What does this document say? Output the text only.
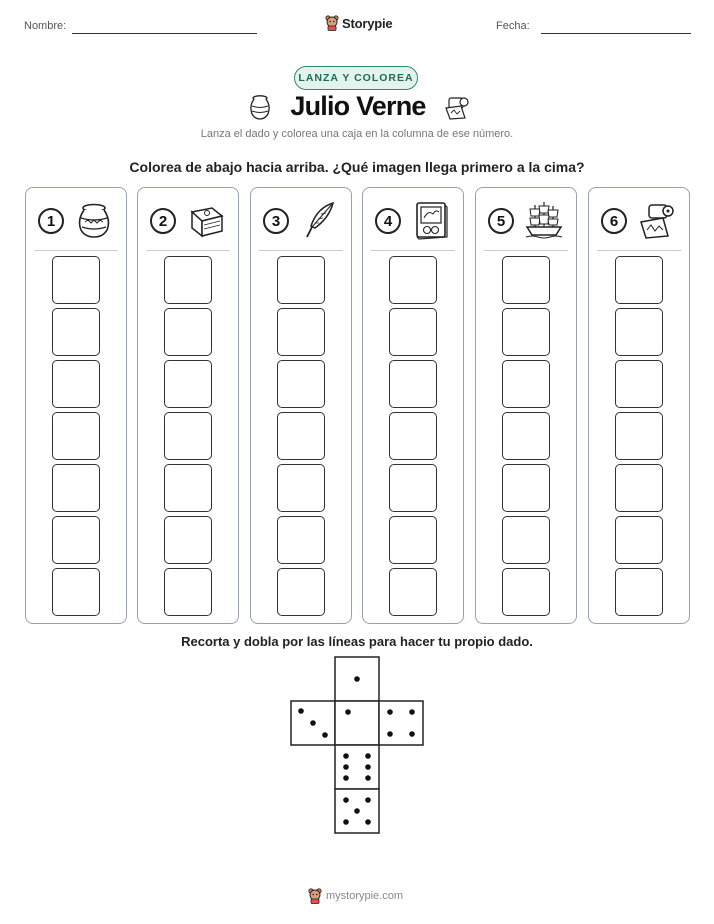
Nombre:	Storypie	Fecha:
LANZA Y COLOREA
Julio Verne
Lanza el dado y colorea una caja en la columna de ese número.
Colorea de abajo hacia arriba. ¿Qué imagen llega primero a la cima?
1	2	3	4	5	6
Recorta y dobla por las líneas para hacer tu propio dado.
mystorypie.com
